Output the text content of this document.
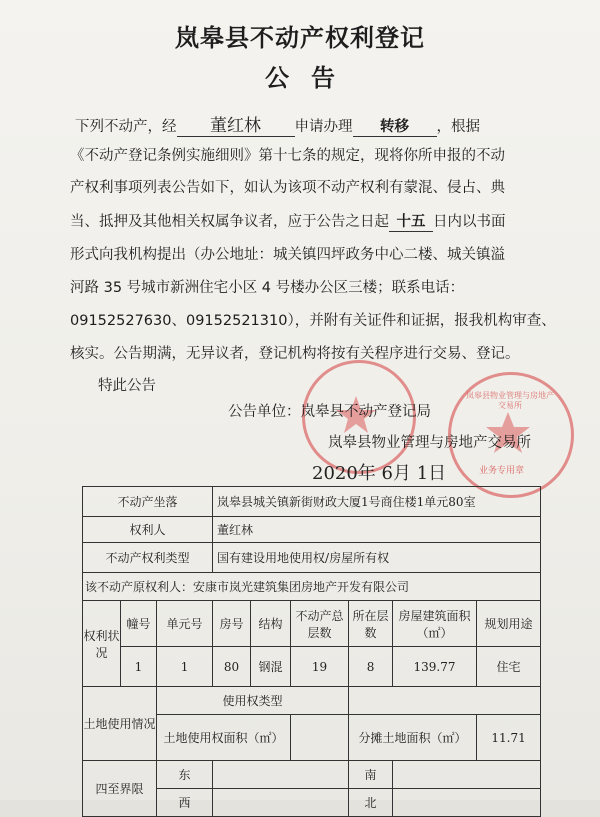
岚皋县不动产权利登记
公告
下列不动产，经 董红林 申请办理 转移 ，根据
《不动产登记条例实施细则》第十七条的规定，现将你所申报的不动
产权利事项列表公告如下，如认为该项不动产权利有蒙混、侵占、典
当、抵押及其他相关权属争议者，应于公告之日起 十五 日内以书面
形式向我机构提出（办公地址：城关镇四坪政务中心二楼、城关镇溢
河路 35 号城市新洲住宅小区 4 号楼办公区三楼；联系电话：
09152527630、09152521310），并附有关证件和证据，报我机构审查、
核实。公告期满，无异议者，登记机构将按有关程序进行交易、登记。
特此公告
岚皋县物业管理与房地产交易所
业务专用章
公告单位：岚皋县不动产登记局
岚皋县物业管理与房地产交易所
2020年 6月 1日
不动产坐落			岚皋县城关镇新街财政大厦1号商住楼1单元80室					
权利人			董红林					
不动产权利类型			国有建设用地使用权/房屋所有权					
该不动产原权利人：安康市岚光建筑集团房地产开发有限公司								
权利状况	幢号	单元号	房号	结构	不动产总层数	所在层数	房屋建筑面积（㎡）	规划用途
	1	1	80	钢混	19	8	139.77	住宅
土地使用情况		使用权类型						
		土地使用权面积（㎡）				分摊土地面积（㎡）		11.71
四至界限		东				南		
		西				北		
